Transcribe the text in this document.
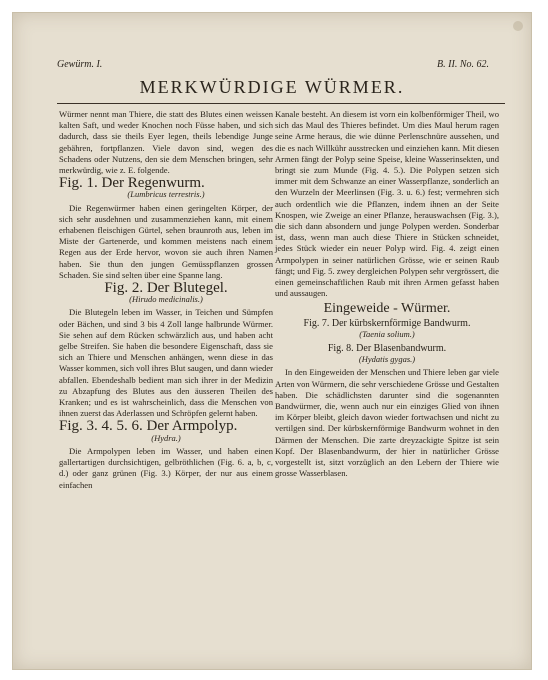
Gewürm. I.	B. II. No. 62.
MERKWÜRDIGE WÜRMER.

Würmer nennt man Thiere, die statt des Blutes einen weissen kalten Saft, und weder Knochen noch Füsse haben, und sich dadurch, dass sie theils Eyer legen, theils lebendige Junge gebähren, fortpflanzen. Viele davon sind, wegen des Schadens oder Nutzens, den sie dem Menschen bringen, sehr merkwürdig, wie z. E. folgende.

Fig. 1. Der Regenwurm.
(Lumbricus terrestris.)

Die Regenwürmer haben einen geringelten Körper, der sich sehr ausdehnen und zusammenziehen kann, mit einem erhabenen fleischigen Gürtel, sehen braunroth aus, leben im Miste der Gartenerde, und kommen meistens nach einem Regen aus der Erde hervor, wovon sie auch ihren Namen haben. Sie thun den jungen Gemüsspflanzen grossen Schaden. Sie sind selten über eine Spanne lang.

Fig. 2. Der Blutegel.
(Hirudo medicinalis.)

Die Blutegeln leben im Wasser, in Teichen und Sümpfen oder Bächen, und sind 3 bis 4 Zoll lange halbrunde Würmer. Sie sehen auf dem Rücken schwärzlich aus, und haben acht gelbe Streifen. Sie haben die besondere Eigenschaft, dass sie sich an Thiere und Menschen anhängen, wenn diese in das Wasser kommen, sich voll ihres Blut saugen, und dann wieder abfallen. Ebendeshalb bedient man sich ihrer in der Medizin zu Abzapfung des Blutes aus den äusseren Theilen des Kranken; und es ist wahrscheinlich, dass die Menschen von ihnen zuerst das Aderlassen und Schröpfen gelernt haben.

Fig. 3. 4. 5. 6. Der Armpolyp.
(Hydra.)

Die Armpolypen leben im Wasser, und haben einen gallertartigen durchsichtigen, gelbröthlichen (Fig. 6. a, b, c, d.) oder ganz grünen (Fig. 3.) Körper, der nur aus einem einfachen

Kanale besteht. An diesem ist vorn ein kolbenförmiger Theil, wo sich das Maul des Thieres befindet. Um dies Maul herum ragen seine Arme heraus, die wie dünne Perlenschnüre aussehen, und die es nach Willkühr ausstrecken und einziehen kann. Mit diesen Armen fängt der Polyp seine Speise, kleine Wasserinsekten, und bringt sie zum Munde (Fig. 4. 5.). Die Polypen setzen sich immer mit dem Schwanze an einer Wasserpflanze, sonderlich an den Wurzeln der Meerlinsen (Fig. 3. u. 6.) fest; vermehren sich auch ordentlich wie die Pflanzen, indem ihnen an der Seite Knospen, wie Zweige an einer Pflanze, herauswachsen (Fig. 3.), die sich dann absondern und junge Polypen werden. Sonderbar ist, dass, wenn man auch diese Thiere in Stücken schneidet, jedes Stück wieder ein neuer Polyp wird. Fig. 4. zeigt einen Armpolypen in seiner natürlichen Grösse, wie er seinen Raub fängt; und Fig. 5. zwey dergleichen Polypen sehr vergrössert, die einen gemeinschaftlichen Raub mit ihren Armen gefasst haben und aussaugen.

Eingeweide - Würmer.
Fig. 7. Der kürbskernförmige Bandwurm.
(Taenia solium.)
Fig. 8. Der Blasenbandwurm.
(Hydatis gygas.)

In den Eingeweiden der Menschen und Thiere leben gar viele Arten von Würmern, die sehr verschiedene Grösse und Gestalten haben. Die schädlichsten darunter sind die sogenannten Bandwürmer, die, wenn auch nur ein einziges Glied von ihnen im Körper bleibt, gleich davon wieder fortwachsen und nicht zu vertilgen sind. Der kürbskernförmige Bandwurm wohnet in den Därmen der Menschen. Die zarte dreyzackigte Spitze ist sein Kopf. Der Blasenbandwurm, der hier in natürlicher Grösse vorgestellt ist, sitzt vorzüglich an den Lebern der Thiere wie grosse Wasserblasen.
